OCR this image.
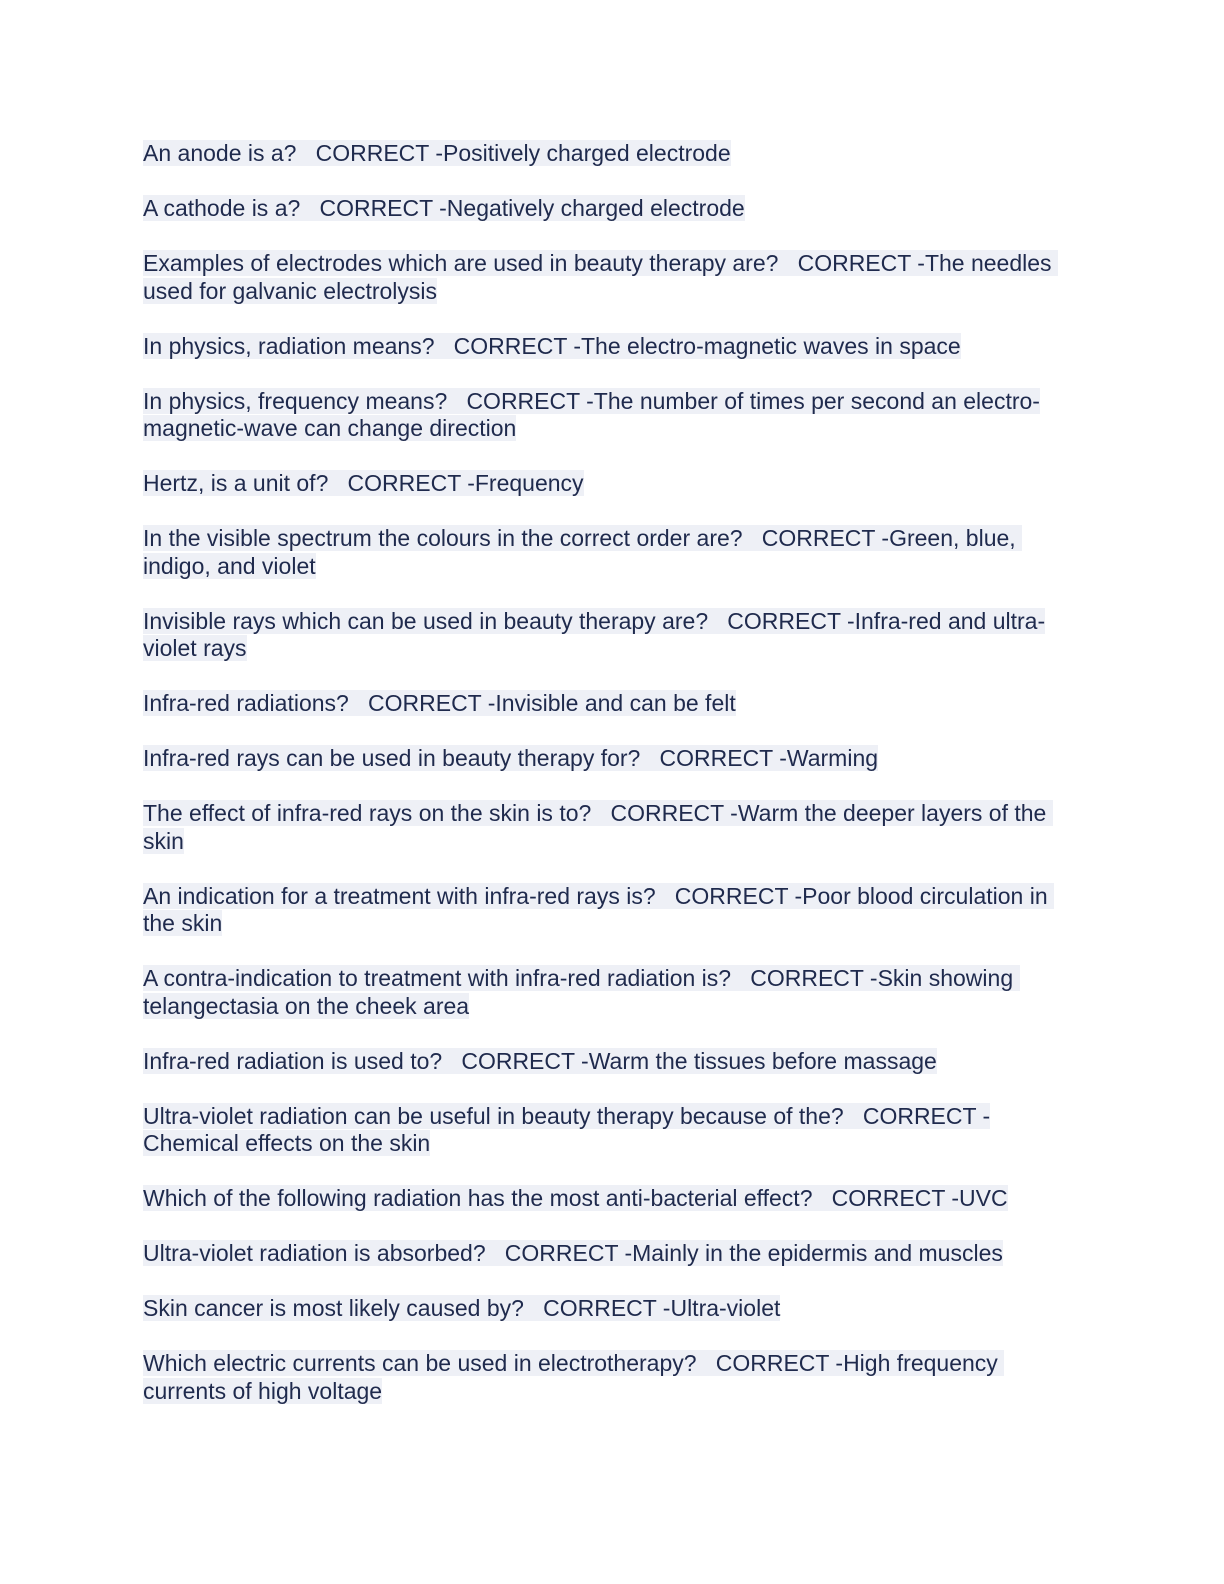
An anode is a?   CORRECT -Positively charged electrode

A cathode is a?   CORRECT -Negatively charged electrode

Examples of electrodes which are used in beauty therapy are?   CORRECT -The needles used for galvanic electrolysis

In physics, radiation means?   CORRECT -The electro-magnetic waves in space

In physics, frequency means?   CORRECT -The number of times per second an electro-magnetic-wave can change direction

Hertz, is a unit of?   CORRECT -Frequency

In the visible spectrum the colours in the correct order are?   CORRECT -Green, blue, indigo, and violet

Invisible rays which can be used in beauty therapy are?   CORRECT -Infra-red and ultra-violet rays

Infra-red radiations?   CORRECT -Invisible and can be felt

Infra-red rays can be used in beauty therapy for?   CORRECT -Warming

The effect of infra-red rays on the skin is to?   CORRECT -Warm the deeper layers of the skin

An indication for a treatment with infra-red rays is?   CORRECT -Poor blood circulation in the skin

A contra-indication to treatment with infra-red radiation is?   CORRECT -Skin showing telangectasia on the cheek area

Infra-red radiation is used to?   CORRECT -Warm the tissues before massage

Ultra-violet radiation can be useful in beauty therapy because of the?   CORRECT -Chemical effects on the skin

Which of the following radiation has the most anti-bacterial effect?   CORRECT -UVC

Ultra-violet radiation is absorbed?   CORRECT -Mainly in the epidermis and muscles

Skin cancer is most likely caused by?   CORRECT -Ultra-violet

Which electric currents can be used in electrotherapy?   CORRECT -High frequency currents of high voltage
